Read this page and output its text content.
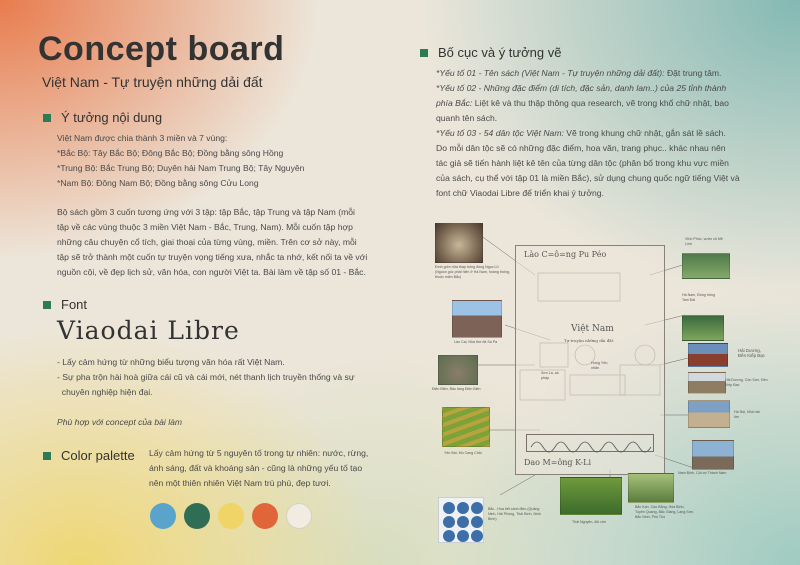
Concept board
Việt Nam - Tự truyện những dải đất
Ý tưởng nội dung

Việt Nam được chia thành 3 miền và 7 vùng:

*Bắc Bộ: Tây Bắc Bộ; Đông Bắc Bộ; Đồng bằng sông Hồng

*Trung Bộ: Bắc Trung Bộ; Duyên hải Nam Trung Bộ; Tây Nguyên

*Nam Bộ: Đông Nam Bộ; Đồng bằng sông Cửu Long

Bộ sách gồm 3 cuốn tương ứng với 3 tập: tập Bắc, tập Trung và tập Nam (mỗi

tập về các vùng thuộc 3 miền Việt Nam - Bắc, Trung, Nam). Mỗi cuốn tập hợp

những câu chuyện cổ tích, giai thoại của từng vùng, miền. Trên cơ sở này, mỗi

tập sẽ trở thành một cuốn tự truyện vọng tiếng xưa, nhắc ta nhớ, kết nối ta về với

nguồn cội, về đẹp lịch sử, văn hóa, con người Việt ta. Bài làm về tập số 01 - Bắc.

Font
Viaodai Libre

- Lấy cảm hứng từ những biểu tượng văn hóa rất Việt Nam.

- Sự pha trộn hài hoà giữa cái cũ và cái mới, nét thanh lịch truyền thống và sự

chuyên nghiệp hiện đại.

Phù hợp với concept của bài làm
Color palette Lấy cảm hứng từ 5 nguyên tố trong tự nhiên: nước, rừng,

ánh sáng, đất và khoáng sản - cũng là những yếu tố tạo

nên một thiên nhiên Việt Nam trù phú, đẹp tươi.

Bố cục và ý tưởng vẽ

*Yếu tố 01 - Tên sách (Việt Nam - Tự truyện những dải đất): Đặt trung tâm.

*Yếu tố 02 - Những đặc điểm (di tích, đặc sản, danh lam..) của 25 tỉnh thành

phía Bắc: Liệt kê và thu thập thông qua research, vẽ trong khổ chữ nhật, bao

quanh tên sách.

*Yếu tố 03 - 54 dân tộc Việt Nam: Vẽ trong khung chữ nhật, gắn sát lề sách.

Do mỗi dân tộc sẽ có những đặc điểm, hoa văn, trang phục.. khác nhau nên

tác giả sẽ tiến hành liệt kê tên của từng dân tộc (phân bố trong khu vực miền

của sách, cụ thể với tập 01 là miền Bắc), sử dụng chung quốc ngữ tiếng Việt và

font chữ Viaodai Libre để triển khai ý tưởng.

Lào C=ô=ng Pu Péo
Việt Nam
Tự truyện những dải đất
Sơn La, cá pháp
Hưng Yên, nhãn
Dao M=ông K-Li
Đình gốm nửa thạp trống đồng Ngọc Lũ (Nguồn gốc phát hiện ở Hà Nam, hoàng thống, thuộc miền Bắc)
Vĩnh Phúc, vườn cỏ Mê Linh
Lào Cai, Nhà thờ đá Sa Pa
Hà Nam, Đồng trống Tam Đài
Điện Biên, Bảo tàng Điện Biên
Hải Dương, Đền Kiếp Bạc
Hải Dương, Côn Sơn, Đền Kiếp Bạc
Hà Nội, Nhà hát lớn
Yên Bái, Mù Cang Chải
Nam Định, Cột cờ Thành Nam
Bắc - Hoa tiết cánh điều (Quảng Ninh, Hải Phòng, Thái Bình, Ninh Bình)
Thái Nguyên, đồi chè
Bắc Kạn, Cao Bằng, Hòa Bình, Tuyên Quang, Bắc Giang, Lạng Sơn, Bắc Ninh, Phú Thọ
